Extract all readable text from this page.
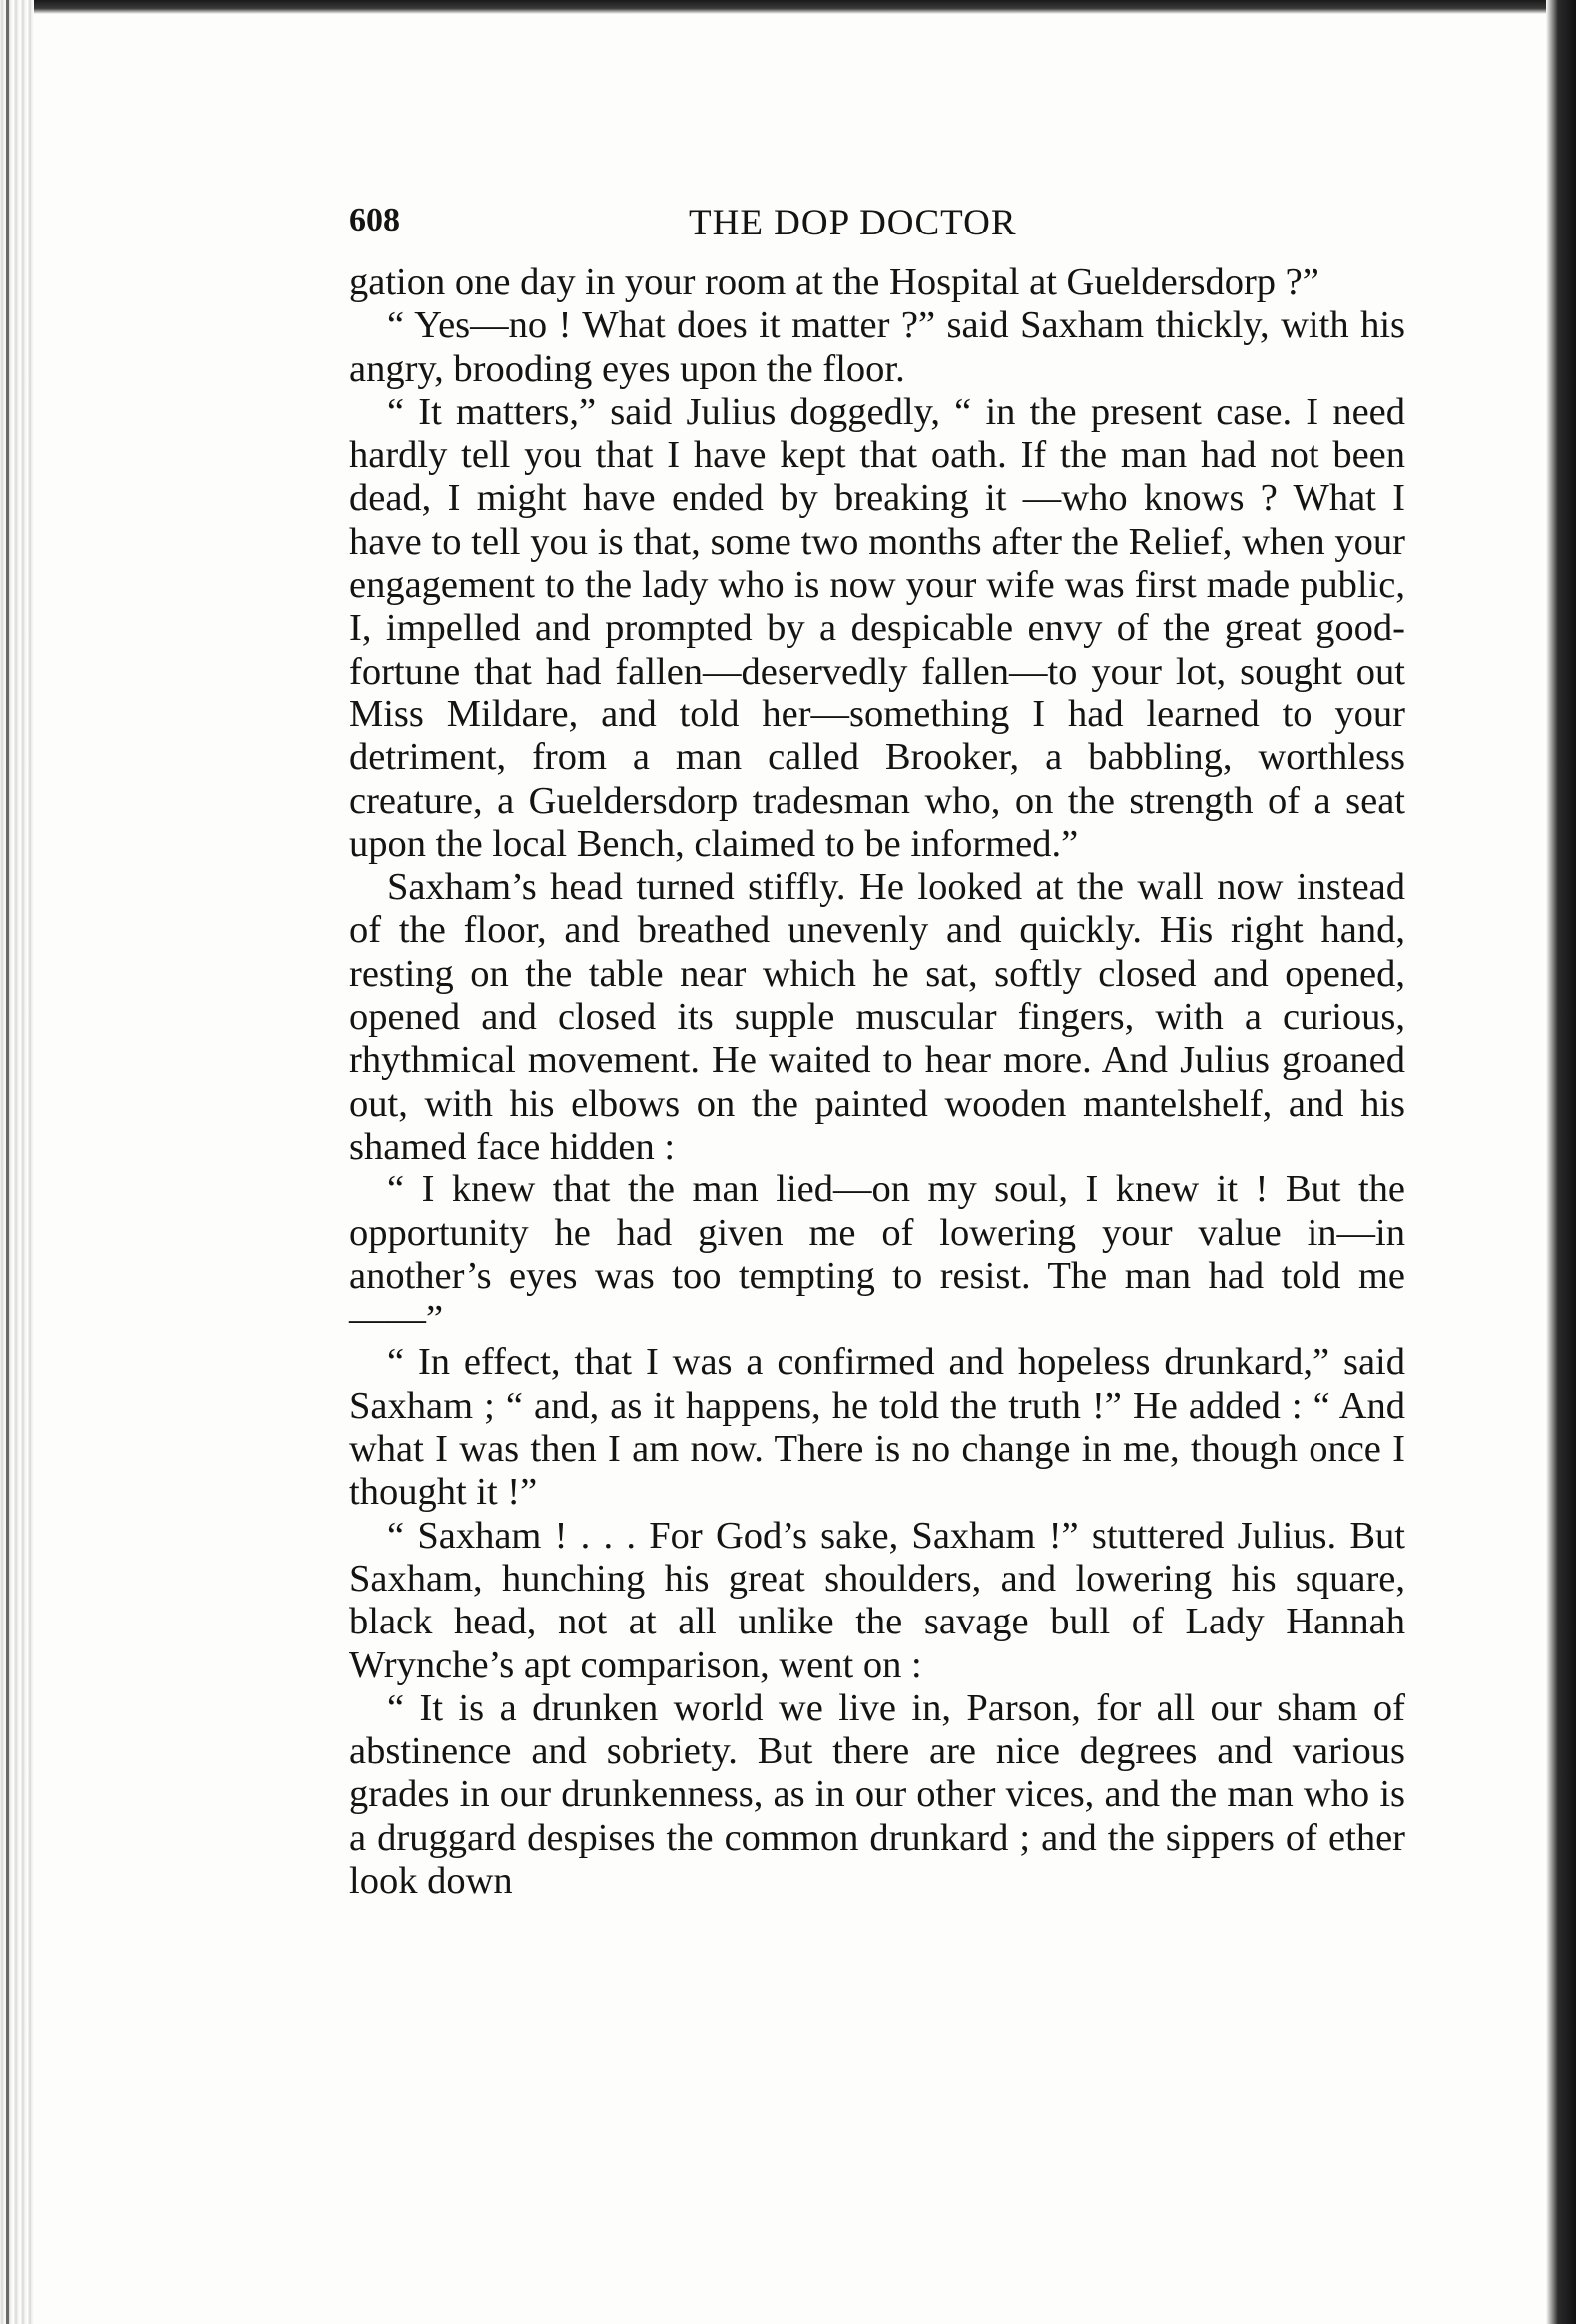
608	THE DOP DOCTOR

gation one day in your room at the Hospital at Gueldersdorp ?”

“ Yes—no ! What does it matter ?” said Saxham thickly, with his angry, brooding eyes upon the floor.

“ It matters,” said Julius doggedly, “ in the present case. I need hardly tell you that I have kept that oath. If the man had not been dead, I might have ended by breaking it —who knows ? What I have to tell you is that, some two months after the Relief, when your engagement to the lady who is now your wife was first made public, I, impelled and prompted by a despicable envy of the great good-fortune that had fallen—deservedly fallen—to your lot, sought out Miss Mildare, and told her—something I had learned to your detriment, from a man called Brooker, a babbling, worthless creature, a Gueldersdorp tradesman who, on the strength of a seat upon the local Bench, claimed to be informed.”

Saxham’s head turned stiffly. He looked at the wall now instead of the floor, and breathed unevenly and quickly. His right hand, resting on the table near which he sat, softly closed and opened, opened and closed its supple muscular fingers, with a curious, rhythmical movement. He waited to hear more. And Julius groaned out, with his elbows on the painted wooden mantelshelf, and his shamed face hidden :

“ I knew that the man lied—on my soul, I knew it ! But the opportunity he had given me of lowering your value in—in another’s eyes was too tempting to resist. The man had told me——”

“ In effect, that I was a confirmed and hopeless drunkard,” said Saxham ; “ and, as it happens, he told the truth !” He added : “ And what I was then I am now. There is no change in me, though once I thought it !”

“ Saxham ! . . . For God’s sake, Saxham !” stuttered Julius. But Saxham, hunching his great shoulders, and lowering his square, black head, not at all unlike the savage bull of Lady Hannah Wrynche’s apt comparison, went on :

“ It is a drunken world we live in, Parson, for all our sham of abstinence and sobriety. But there are nice degrees and various grades in our drunkenness, as in our other vices, and the man who is a druggard despises the common drunkard ; and the sippers of ether look down
